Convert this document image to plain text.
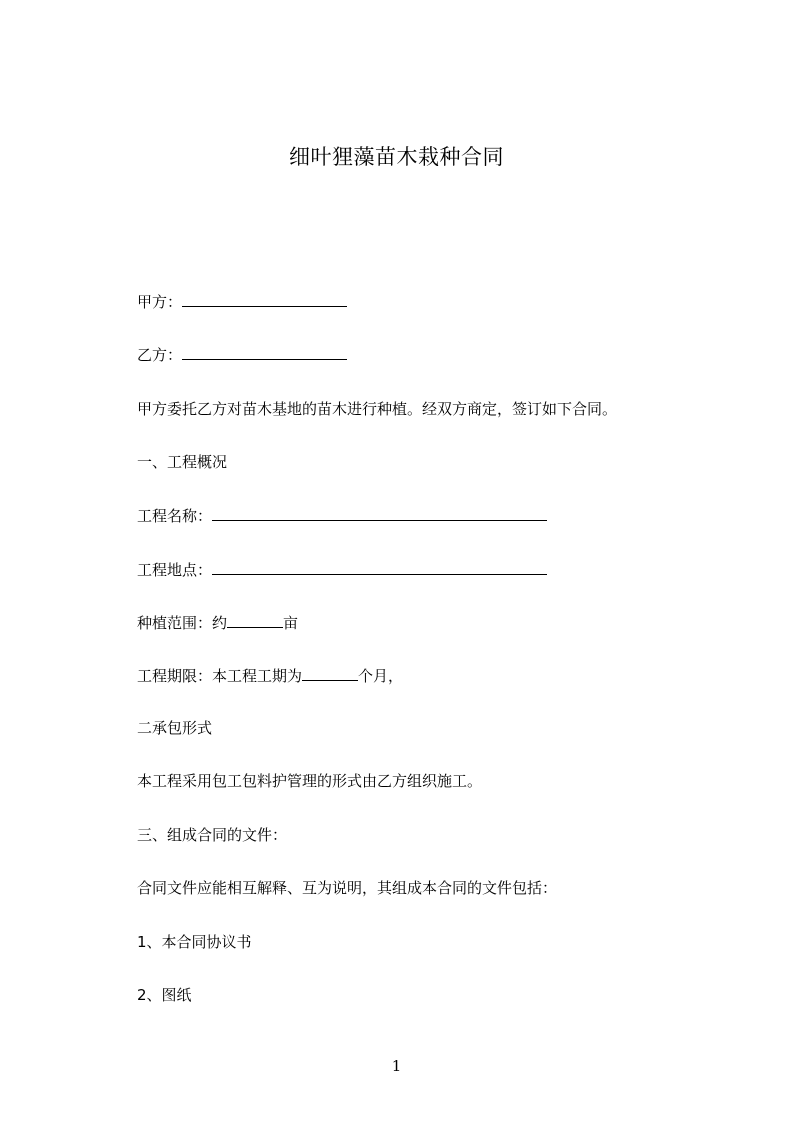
细叶狸藻苗木栽种合同
甲方：
乙方：
甲方委托乙方对苗木基地的苗木进行种植。经双方商定，签订如下合同。
一、工程概况
工程名称：
工程地点：
种植范围：约	亩
工程期限：本工程工期为	个月，
二承包形式
本工程采用包工包料护管理的形式由乙方组织施工。
三、组成合同的文件：
合同文件应能相互解释、互为说明，其组成本合同的文件包括：
1、本合同协议书
2、图纸
1
